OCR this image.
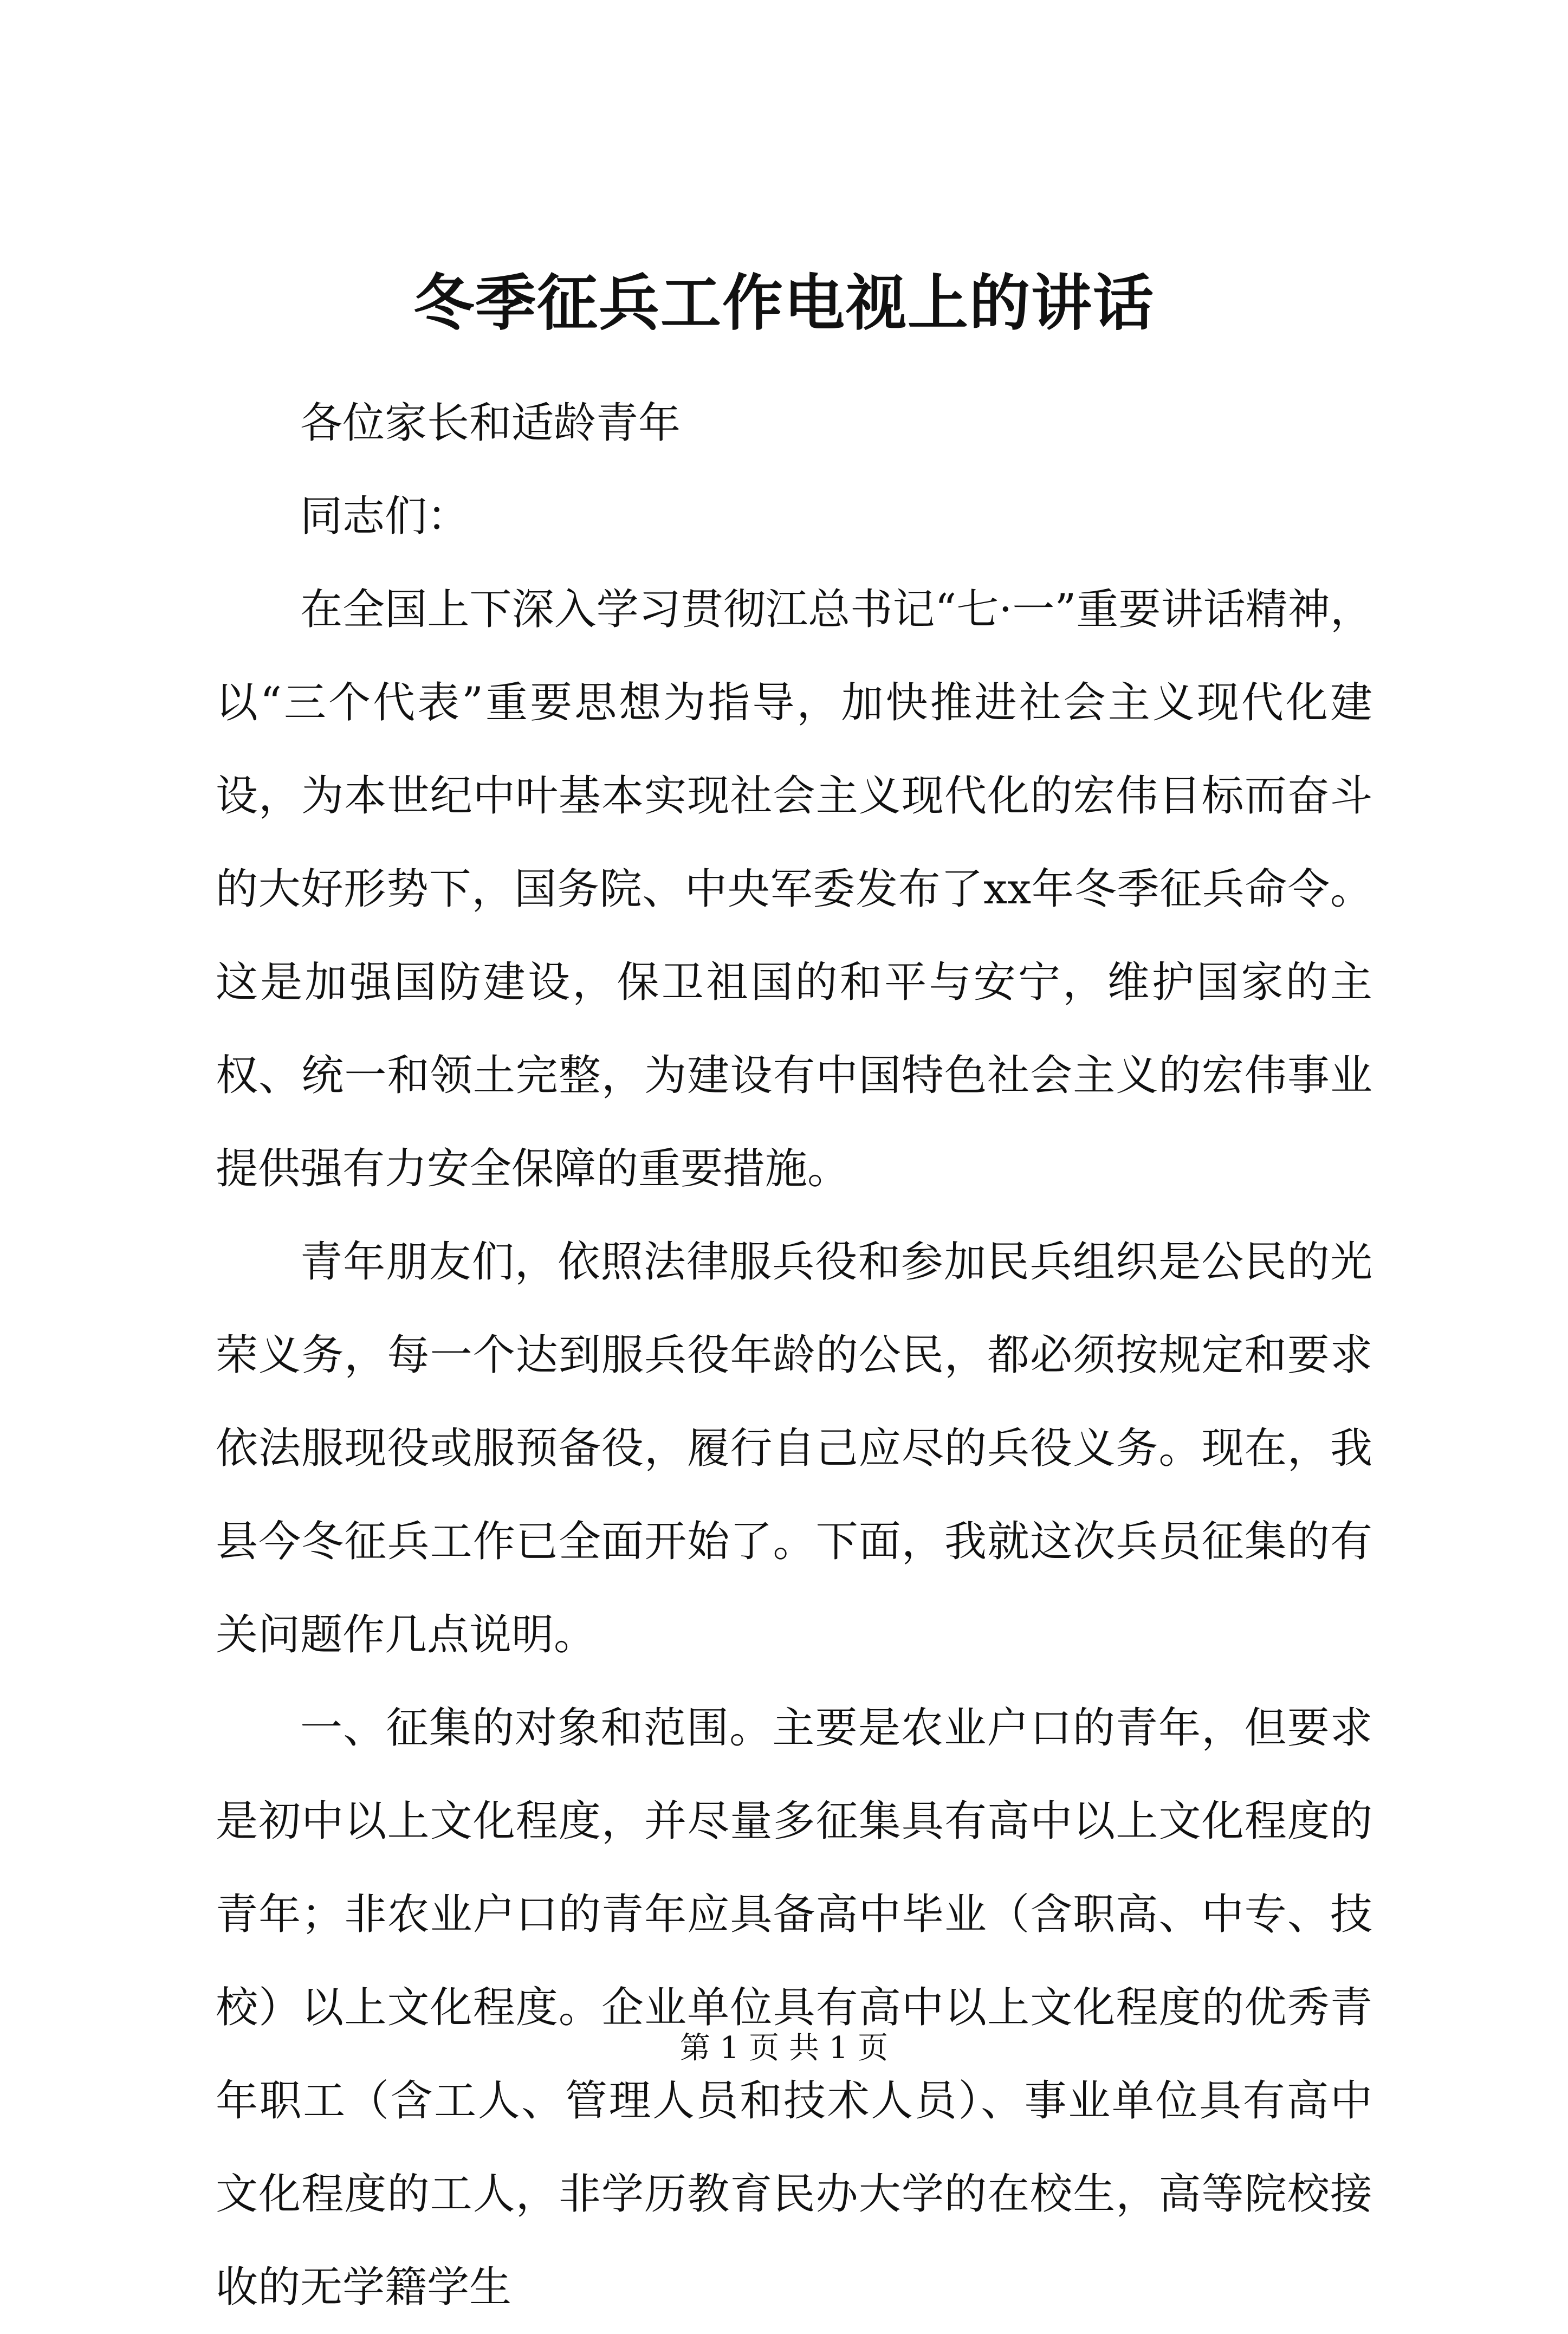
冬季征兵工作电视上的讲话

各位家长和适龄青年

同志们：

在全国上下深入学习贯彻江总书记“七·一”重要讲话精神，以“三个代表”重要思想为指导，加快推进社会主义现代化建设，为本世纪中叶基本实现社会主义现代化的宏伟目标而奋斗的大好形势下，国务院、中央军委发布了xx年冬季征兵命令。这是加强国防建设，保卫祖国的和平与安宁，维护国家的主权、统一和领土完整，为建设有中国特色社会主义的宏伟事业提供强有力安全保障的重要措施。

青年朋友们，依照法律服兵役和参加民兵组织是公民的光荣义务，每一个达到服兵役年龄的公民，都必须按规定和要求依法服现役或服预备役，履行自己应尽的兵役义务。现在，我县今冬征兵工作已全面开始了。下面，我就这次兵员征集的有关问题作几点说明。

一、征集的对象和范围。主要是农业户口的青年，但要求是初中以上文化程度，并尽量多征集具有高中以上文化程度的青年；非农业户口的青年应具备高中毕业（含职高、中专、技校）以上文化程度。企业单位具有高中以上文化程度的优秀青年职工（含工人、管理人员和技术人员）、事业单位具有高中文化程度的工人，非学历教育民办大学的在校生，高等院校接收的无学籍学生

第 1 页 共 1 页
